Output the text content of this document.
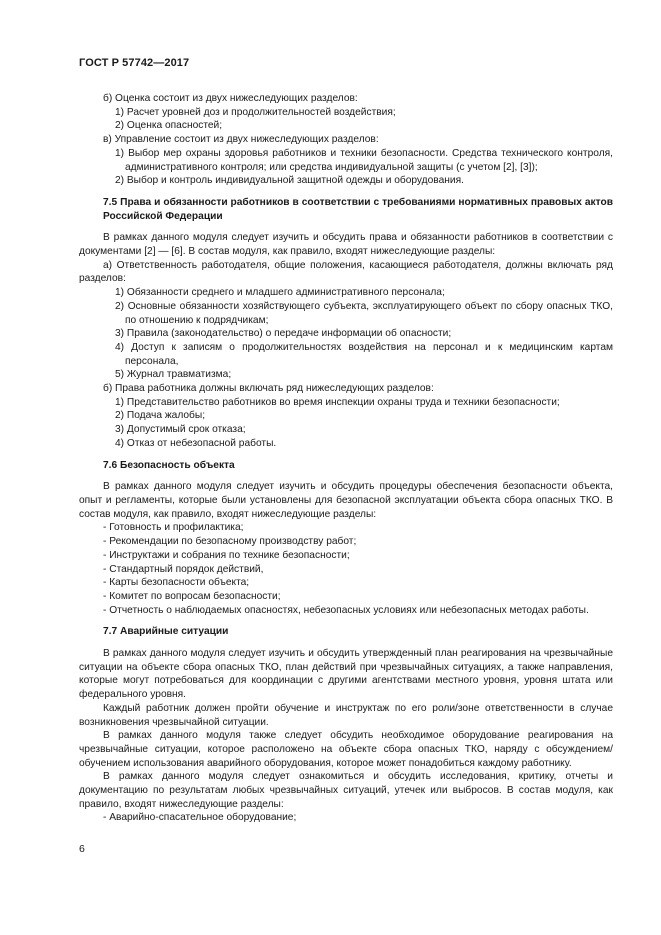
ГОСТ Р 57742—2017

б) Оценка состоит из двух нижеследующих разделов:

1) Расчет уровней доз и продолжительностей воздействия;

2) Оценка опасностей;

в) Управление состоит из двух нижеследующих разделов:

1) Выбор мер охраны здоровья работников и техники безопасности. Средства технического контроля, административного контроля; или средства индивидуальной защиты (с учетом [2], [3]);

2) Выбор и контроль индивидуальной защитной одежды и оборудования.

7.5 Права и обязанности работников в соответствии с требованиями нормативных правовых актов Российской Федерации

В рамках данного модуля следует изучить и обсудить права и обязанности работников в соответствии с документами [2] — [6]. В состав модуля, как правило, входят нижеследующие разделы:

а) Ответственность работодателя, общие положения, касающиеся работодателя, должны включать ряд разделов:

1) Обязанности среднего и младшего административного персонала;

2) Основные обязанности хозяйствующего субъекта, эксплуатирующего объект по сбору опасных ТКО, по отношению к подрядчикам;

3) Правила (законодательство) о передаче информации об опасности;

4) Доступ к записям о продолжительностях воздействия на персонал и к медицинским картам персонала,

5) Журнал травматизма;

б) Права работника должны включать ряд нижеследующих разделов:

1) Представительство работников во время инспекции охраны труда и техники безопасности;

2) Подача жалобы;

3) Допустимый срок отказа;

4) Отказ от небезопасной работы.

7.6 Безопасность объекта

В рамках данного модуля следует изучить и обсудить процедуры обеспечения безопасности объекта, опыт и регламенты, которые были установлены для безопасной эксплуатации объекта сбора опасных ТКО. В состав модуля, как правило, входят нижеследующие разделы:

- Готовность и профилактика;

- Рекомендации по безопасному производству работ;

- Инструктажи и собрания по технике безопасности;

- Стандартный порядок действий,

- Карты безопасности объекта;

- Комитет по вопросам безопасности;

- Отчетность о наблюдаемых опасностях, небезопасных условиях или небезопасных методах работы.

7.7 Аварийные ситуации

В рамках данного модуля следует изучить и обсудить утвержденный план реагирования на чрезвычайные ситуации на объекте сбора опасных ТКО, план действий при чрезвычайных ситуациях, а также направления, которые могут потребоваться для координации с другими агентствами местного уровня, уровня штата или федерального уровня.

Каждый работник должен пройти обучение и инструктаж по его роли/зоне ответственности в случае возникновения чрезвычайной ситуации.

В рамках данного модуля также следует обсудить необходимое оборудование реагирования на чрезвычайные ситуации, которое расположено на объекте сбора опасных ТКО, наряду с обсуждением/обучением использования аварийного оборудования, которое может понадобиться каждому работнику.

В рамках данного модуля следует ознакомиться и обсудить исследования, критику, отчеты и документацию по результатам любых чрезвычайных ситуаций, утечек или выбросов. В состав модуля, как правило, входят нижеследующие разделы:

- Аварийно-спасательное оборудование;

6
